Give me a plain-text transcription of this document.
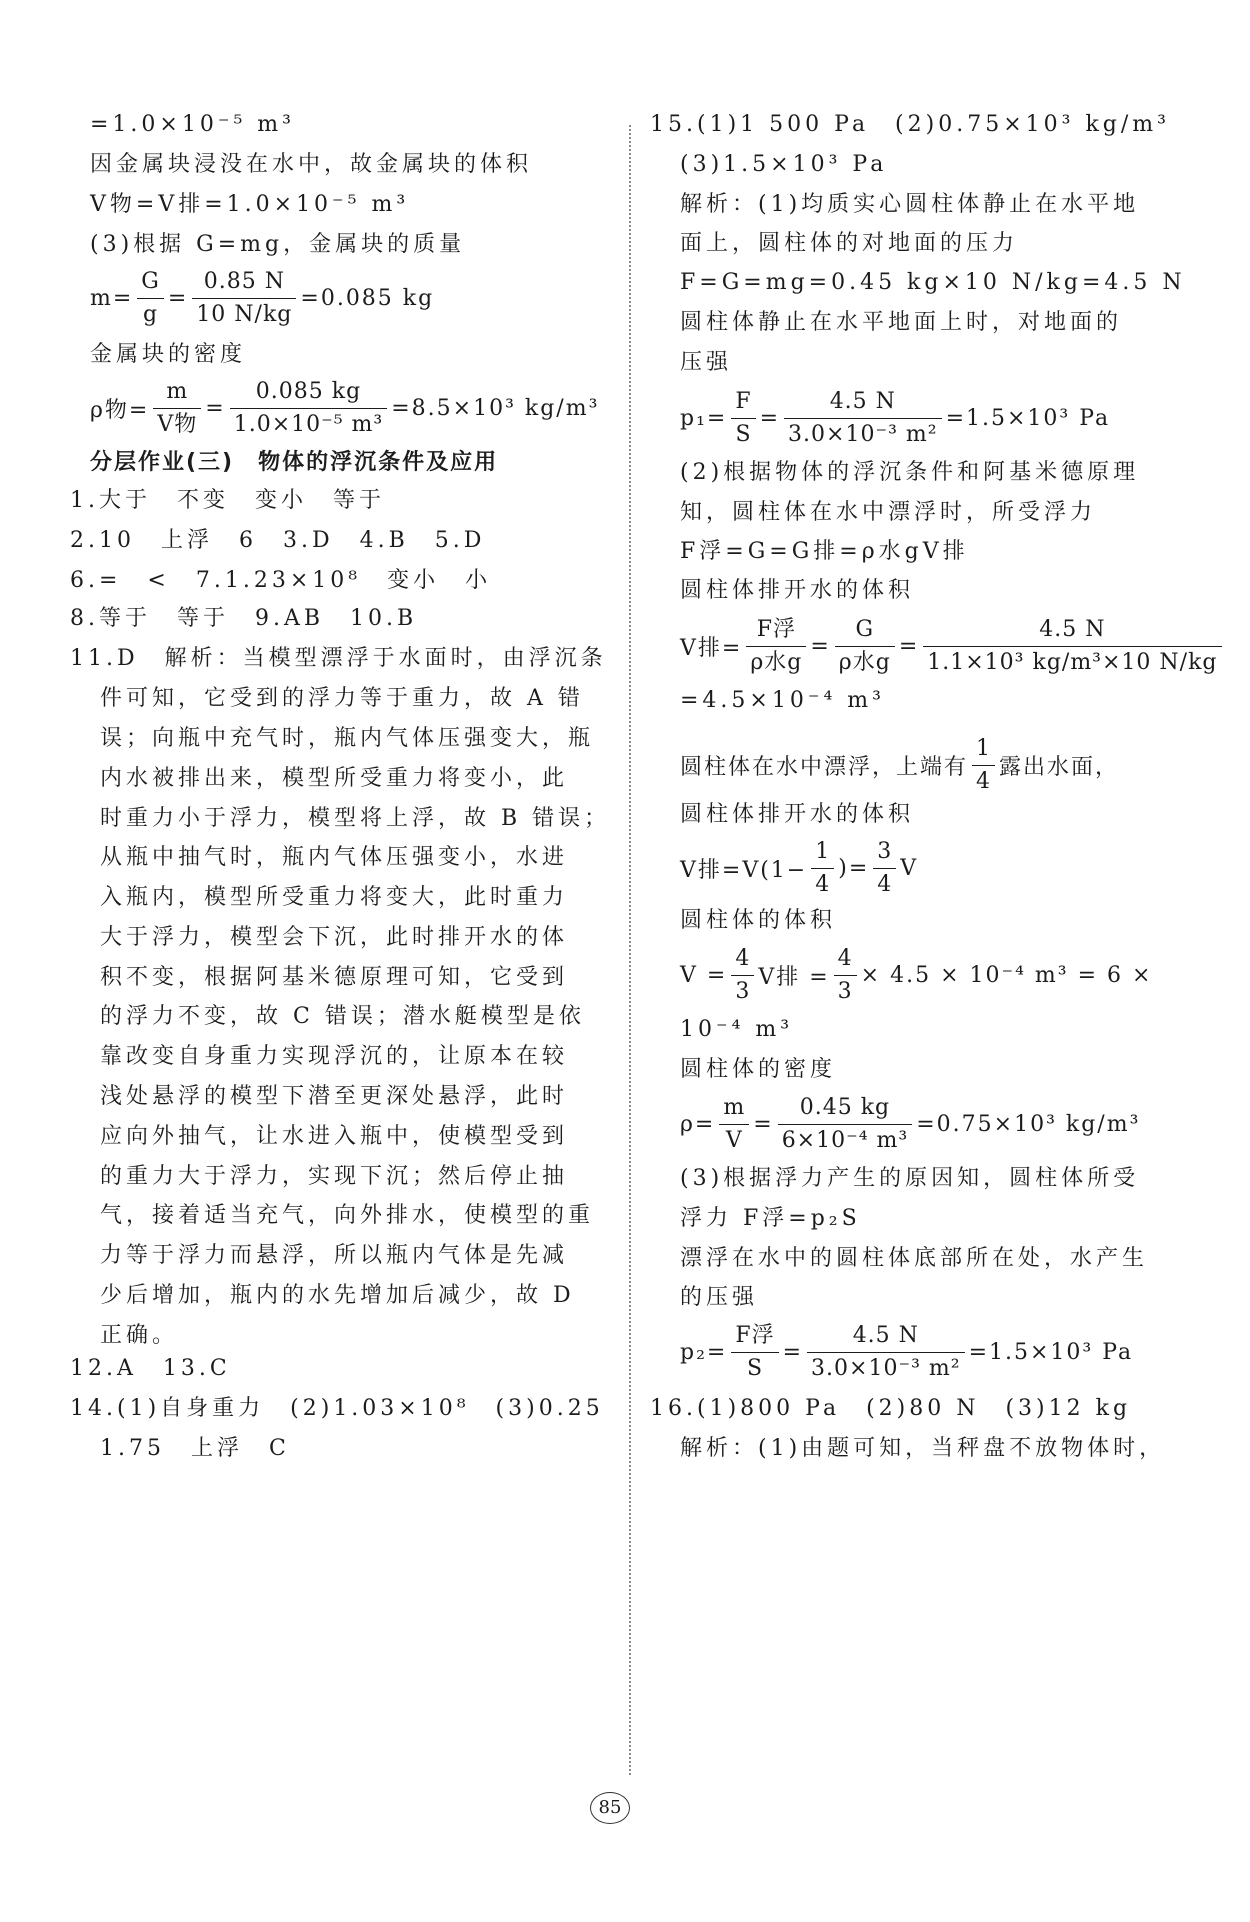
=1.0×10⁻⁵ m³
因金属块浸没在水中，故金属块的体积
V物=V排=1.0×10⁻⁵ m³
(3)根据 G=mg，金属块的质量
$m= \frac{G}{g} = \frac{0.85 N}{10 N/kg} =0.085$ kg
金属块的密度
ρ物= $\frac{m}{\text{V物}} = \frac{0.085 kg}{\text{1.0×10⁻⁵ m³}} =8.5\times 10^3$ kg/m³
分层作业(三)　物体的浮沉条件及应用
1.大于　不变　变小　等于
2.10　上浮　6　3.D　4.B　5.D
6.=　<　7.1.23×10⁸　变小　小
8.等于　等于　9.AB　10.B
11.D　解析：当模型漂浮于水面时，由浮沉条
件可知，它受到的浮力等于重力，故 A 错
误；向瓶中充气时，瓶内气体压强变大，瓶
内水被排出来，模型所受重力将变小，此
时重力小于浮力，模型将上浮，故 B 错误；
从瓶中抽气时，瓶内气体压强变小，水进
入瓶内，模型所受重力将变大，此时重力
大于浮力，模型会下沉，此时排开水的体
积不变，根据阿基米德原理可知，它受到
的浮力不变，故 C 错误；潜水艇模型是依
靠改变自身重力实现浮沉的，让原本在较
浅处悬浮的模型下潜至更深处悬浮，此时
应向外抽气，让水进入瓶中，使模型受到
的重力大于浮力，实现下沉；然后停止抽
气，接着适当充气，向外排水，使模型的重
力等于浮力而悬浮，所以瓶内气体是先减
少后增加，瓶内的水先增加后减少，故 D
正确。
12.A　13.C
14.(1)自身重力　(2)1.03×10⁸　(3)0.25
1.75　上浮　C
15.(1)1 500 Pa　(2)0.75×10³ kg/m³
(3)1.5×10³ Pa
解析：(1)均质实心圆柱体静止在水平地
面上，圆柱体的对地面的压力
F=G=mg=0.45 kg×10 N/kg=4.5 N
圆柱体静止在水平地面上时，对地面的
压强
$p_1= \frac{F}{S} = \frac{4.5 N}{\text{3.0×10⁻³ m²}} =1.5\times 10^3$ Pa
(2)根据物体的浮沉条件和阿基米德原理
知，圆柱体在水中漂浮时，所受浮力
F浮=G=G排=ρ水gV排
圆柱体排开水的体积
V排= $\frac{\text{F浮}}{\text{ρ水g}} = \frac{G}{\text{ρ水g}} = \frac{4.5 N}{\text{1.1×10³ kg/m³×10 N/kg}}$
=4.5×10⁻⁴ m³
圆柱体在水中漂浮，上端有 $\frac{1}{4}$ 露出水面，
圆柱体排开水的体积
V排$=V(1- \frac{1}{4}$ )= $\frac{3}{4}$ V
圆柱体的体积
$V = \frac{4}{3}$ V排 = $\frac{4}{3} \times 4.5 \times 10^{-4}$ m³ = 6 ×
10⁻⁴ m³
圆柱体的密度
$\rho= \frac{m}{V} = \frac{0.45 kg}{\text{6×10⁻⁴ m³}} =0.75\times 10^3$ kg/m³
(3)根据浮力产生的原因知，圆柱体所受
浮力 F浮=p₂S
漂浮在水中的圆柱体底部所在处，水产生
的压强
$p_2= \frac{\text{F浮}}{S} = \frac{4.5 N}{\text{3.0×10⁻³ m²}} =1.5\times 10^3$ Pa
16.(1)800 Pa　(2)80 N　(3)12 kg
解析：(1)由题可知，当秤盘不放物体时，
85
